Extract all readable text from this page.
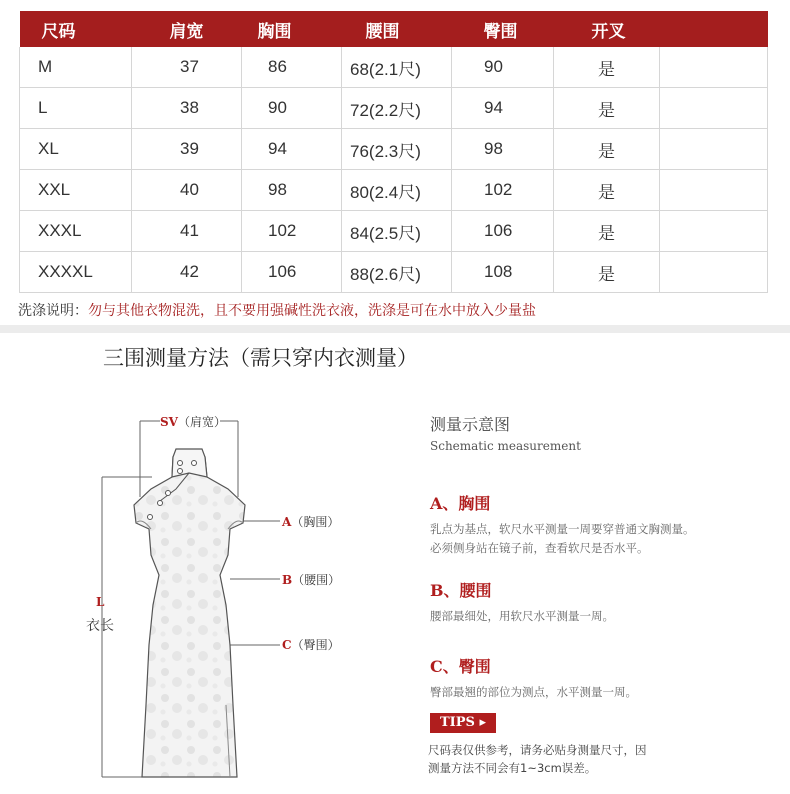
尺码	肩宽	胸围	腰围	臀围	开叉	
M	37	86	68(2.1尺)	90	是	
L	38	90	72(2.2尺)	94	是	
XL	39	94	76(2.3尺)	98	是	
XXL	40	98	80(2.4尺)	102	是	
XXXL	41	102	84(2.5尺)	106	是	
XXXXL	42	106	88(2.6尺)	108	是	
洗涤说明：勿与其他衣物混洗，且不要用强碱性洗衣液，洗涤是可在水中放入少量盐
三围测量方法（需只穿内衣测量）
SV（肩宽）
A（胸围）
B（腰围）
C（臀围）
L
衣长
测量示意图
Schematic measurement
A、胸围
乳点为基点，软尺水平测量一周要穿普通文胸测量。
必须侧身站在镜子前，查看软尺是否水平。
B、腰围
腰部最细处，用软尺水平测量一周。
C、臀围
臀部最翘的部位为测点，水平测量一周。
TIPS ▸
尺码表仅供参考，请务必贴身测量尺寸，因
测量方法不同会有1~3cm误差。
